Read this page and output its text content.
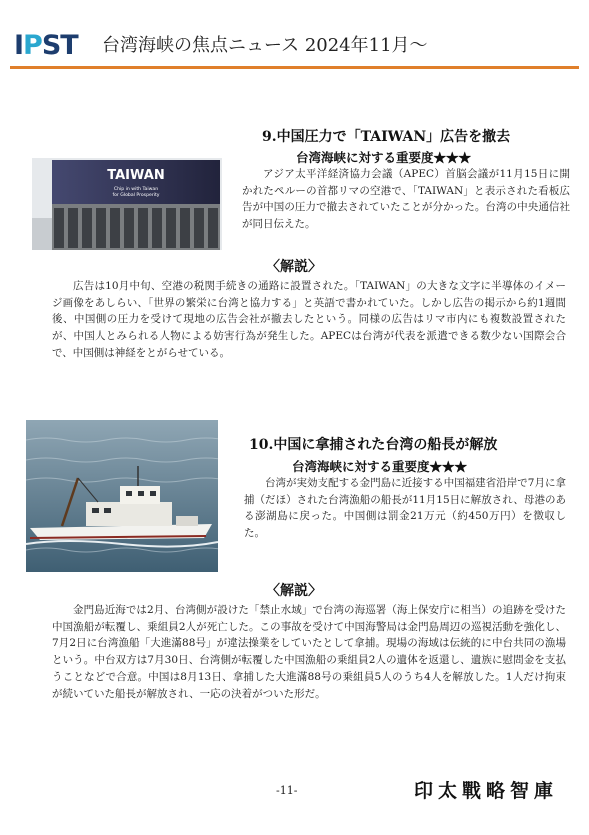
IPST 台湾海峡の焦点ニュース 2024年11月～
TAIWAN
Chip in with Taiwan
for Global Prosperity
9.中国圧力で「TAIWAN」広告を撤去
台湾海峡に対する重要度★★★

アジア太平洋経済協力会議（APEC）首脳会議が11月15日に開かれたペルーの首都リマの空港で、「TAIWAN」と表示された看板広告が中国の圧力で撤去されていたことが分かった。台湾の中央通信社が同日伝えた。

〈解説〉

広告は10月中旬、空港の税関手続きの通路に設置された。「TAIWAN」の大きな文字に半導体のイメージ画像をあしらい、「世界の繁栄に台湾と協力する」と英語で書かれていた。しかし広告の掲示から約1週間後、中国側の圧力を受けて現地の広告会社が撤去したという。同様の広告はリマ市内にも複数設置されたが、中国人とみられる人物による妨害行為が発生した。APECは台湾が代表を派遣できる数少ない国際会合で、中国側は神経をとがらせている。

10.中国に拿捕された台湾の船長が解放
台湾海峡に対する重要度★★★

台湾が実効支配する金門島に近接する中国福建省沿岸で7月に拿捕（だほ）された台湾漁船の船長が11月15日に解放され、母港のある澎湖島に戻った。中国側は罰金21万元（約450万円）を徴収した。

〈解説〉

金門島近海では2月、台湾側が設けた「禁止水域」で台湾の海巡署（海上保安庁に相当）の追跡を受けた中国漁船が転覆し、乗組員2人が死亡した。この事故を受けて中国海警局は金門島周辺の巡視活動を強化し、7月2日に台湾漁船「大進滿88号」が違法操業をしていたとして拿捕。現場の海域は伝統的に中台共同の漁場という。中台双方は7月30日、台湾側が転覆した中国漁船の乗組員2人の遺体を返還し、遺族に慰問金を支払うことなどで合意。中国は8月13日、拿捕した大進滿88号の乗組員5人のうち4人を解放した。1人だけ拘束が続いていた船長が解放され、一応の決着がついた形だ。

-11-	印太戰略智庫
